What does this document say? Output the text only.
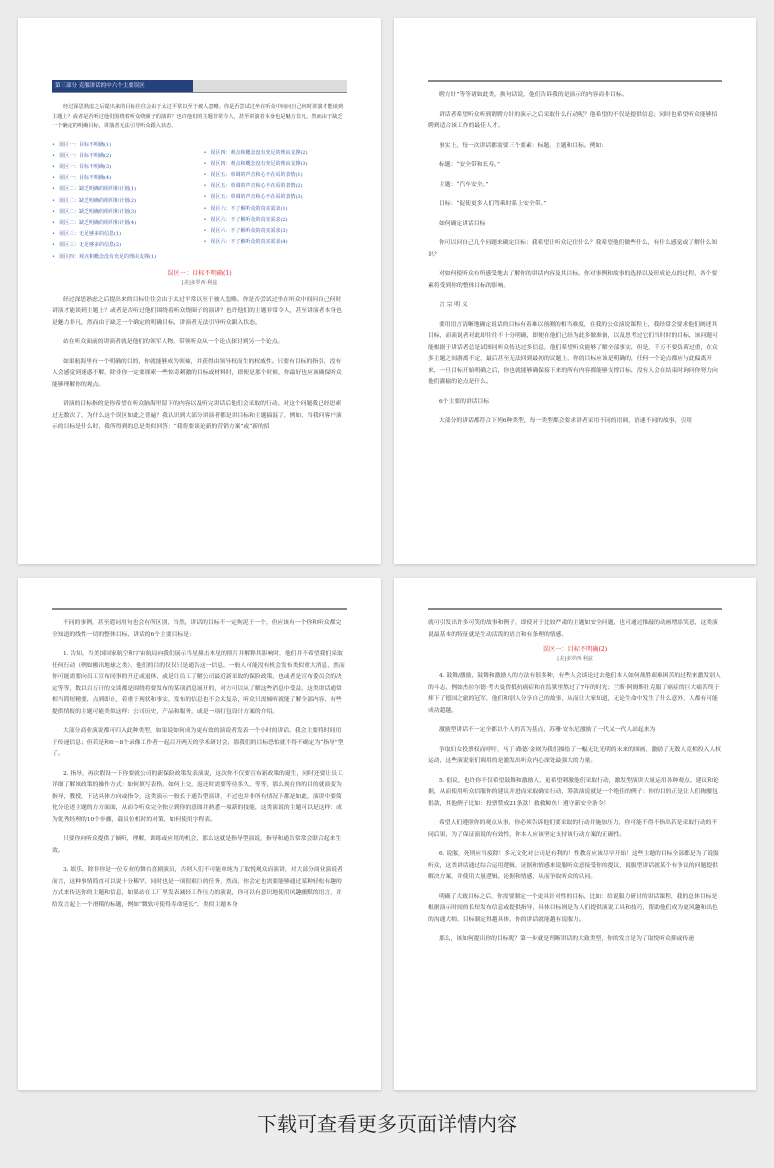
第三部分 克服讲话的中六个主要误区
经过深思熟虑之后提出来的目标往往会由于太过平常以至于被人忽略。你是否尝试过坐在听众中间问自己何时讲演才能谈到主题上？或者是否听过他们围绕着听众绕圈子的演讲？也许他们的主题非常令人，甚至讲演者本身也是魅力非凡，然而由于缺乏一个确定的明确目标，讲演者无法引导听众跟入状态。
• 误区一：目标不明确(1)
• 误区一：目标不明确(2)
• 误区一：目标不明确(3)
• 误区一：目标不明确(4)
• 误区二：缺乏明确的组织和计划(1)
• 误区二：缺乏明确的组织和计划(2)
• 误区二：缺乏明确的组织和计划(3)
• 误区二：缺乏明确的组织和计划(4)
• 误区三：无足够多的信息(1)
• 误区三：无足够多的信息(2)
• 误区四：观点和概念没有充足的理由支撑(1)
• 误区四：观点和概念没有充足的理由支撑(2)
• 误区四：观点和概念没有充足的理由支撑(3)
• 误区五：单调的声音和心不在焉的表情(1)
• 误区五：单调的声音和心不在焉的表情(2)
• 误区五：单调的声音和心不在焉的表情(3)
• 误区六：不了解听众的真实需求(1)
• 误区六：不了解听众的真实需求(2)
• 误区六：不了解听众的真实需求(3)
• 误区六：不了解听众的真实需求(4)
误区一：目标不明确(1)
[美]多罗西·利兹

经过深思熟虑之后提出来的目标往往会由于太过平常以至于被人忽略。你是否尝试过坐在听众中间问自己何时讲演才能谈到主题上？或者是否听过他们围绕着听众绕圈子的演讲？也许他们的主题非常令人，甚至讲演者本身也是魅力非凡，然而由于缺乏一个确定的明确目标，讲演者无法引导听众跟入状态。

站在听众面前的讲演者就是他们的领军人物，带领听众从一个论点探讨到另一个论点。

如果航海里有一个明确的目的，你就能够成为领袖，并获得由领导权而生的权威性。只要有目标的指引，没有人会感觉到迷惑不解，除非你一定要探索一些惊奇刺激的目标或材料时，即便是那个时候，你最好也应该确保听众能够理解你的观点。

讲演的目标指的是你希望在听众脑海里留下的内容以及听完讲话后他们会采取的行动。对这个问题我已经思索过无数次了，为什么这个误区如此之普遍？我认识到大部分讲演者都是讲目标和主题搞混了，例如，当我问客户演示的目标是什么时，我所得到的总是类似回答：“我将要谈论新的营销方案”或“新的招

聘方针”等等诸如此类，换句话说，他们告诉我的是演示的内容而非目标。

讲话者希望听众听到谓聘方针的演示之后采取什么行动呢？他希望的不仅是提供信息；同时也希望听众能够招聘到适合该工作的最佳人才。

事实上，每一次讲话都需要三个要素：标题、主题和目标。例如：

标题：“安全带和长寿。”

主题：“汽车安全。”

目标：“促使更多人们驾乘时系上安全带。”

如何确定讲话目标

你可以问自己几个问题来确定目标：我希望让听众记住什么？我希望他们做些什么，有什么感觉或了解什么知识？

对如何使听众有所感受地去了解你的讲话内容及其目标，你对事例和故事的选择以及形成论点的过程、各个要素将受到你的整体目标的影响。

言 宗 明 义

要用语言清晰地确定说话的目标有着难以预测的相当难度，在我的公众演说课程上，我经常会要求他们阐述其目标，而演说者对此却往往不十分明确，即便在他们已经为此多做准备，以及思考过它们当时时的目标，该问题可能根据于讲话者总是试图同听众传达过多信息，他们希望听众能够了解全部事实，但是，千万不要负荷过重，在众多主题之间游离不定，最后甚至无法回到最初的议题上，你的目标应该是明确的，任何一个论点都应与此偏离开来，一旦目标开始明确之后，你也就能够确保接下来的所有内容都能够支撑目标，没有人会在结束时询问你努力向他们灌输的论点是什么。

6个主要的讲话目标

大部分的讲话都符合下列6种类型，每一类型都会要求讲者采用不同的语调，语速不同的故事，引用

不同的事例，甚至遣词用句也会有所区别，当然，讲话的目标不一定拘泥于一个，但应该有一个你和听众都完全知道的线性一切的整体目标，讲话的6个主要目标是：

1. 告知，当美国国家航空和宇宙航局向我们展示当星撞击木星的照片并解释其影响时，他们并不希望我们采取任何行动（例如搬出地球之类），他们的目的仅仅只是通告这一信息，一般人可能没有机会发布类似重大消息，然而你可能需要向员工宣布同事的升迁或退休，或是让员工了解公司最近新采取的保险政策，也或者是宣布委员会的决定等等，数以百万计的交谈都是围绕将要发布的某项消息展开的，对方可以从了解这些消息中受益，这类讲话通常相当简短精要，点到即止，着重于现状和事实，发布的信息也不会太复杂，听众只需倾听就能了解全部内容，有些提供情报的主题可能类似这样：公司历史，产品和服务，或是一项打包设计方案的介绍。

大部分商业演说都可归入此种类型，如果说如何成为更有效的演说者发表一个小时的讲话，我会主要将时间用于传递信息；但若是和6～8个录像工作者一起召开两天的学术研讨会，那我们的目标恐怕就不得不确定为“指导”型了。

2. 指导，再次假设一下你要就公司的新保险政策发表演说，这次你不仅要宣布新政策的诞生，同时还要让员工详细了解该政策的操作方式：如何填写表格，如何上交，返还时需要等待多久，等等，那么现在你的目的就演变为指导，教授，下达具体方向或指令，这类演示一般长于通告型演讲，不过也并非所有情况下都是如此，演讲中要简化分论述主题的方方面面，从而令听众完全独立到你的意图并熟悉一项新的技能，这类演说的主题可以是这样：成为优秀经理的10个步骤，载员位机时的对策，如何使用字程表。

只要你向听众提供了倾听，理解，训练或应用的机会，那么这就是指导型演说，指导和通告常常会联合起来生效。

3. 娱乐，除非你是一位专业的舞台喜剧演员，否则人们不可能单纯为了取悦观众而演讲，对大部分商业演说者而言，这种事情简直可以说十分稀罕，同时也是一项很艰巨的任务，然而，你会定也需要能够通过某种轻松有趣的方式来传达你的主题和信息，如果站在工厂里发表减轻工作压力的演说，你可以有意识地使用风趣幽默的语言，并给发言起上一个滑稽的标题，例如“微软可使得寿命延长”，类似主题本身

就可引发出许多可笑的故事和例子，即使对于比较严肃的主题如安全问题，也可通过推敲的动画增添笑意，这类演说最基本的特征就是生动活泼的语言和有条理的情感。

误区一：目标不明确(2)
[美]多罗西·利兹

4. 鼓舞/激励，鼓舞和激励人的方法有很多种，有些人会谈论过去他们本人如何战胜艰难困苦的过程来激发别人的斗志，例如杰拉尔德·考夫曼曾抵抗癌症和在监狱里熬过了7年的时光；兰斯·阿姆斯壮克服了癌症的巨大痛苦终于摔下了德国之旅的冠军，他们和别人分享自己的故事，从而让大家知道，无论生命中发生了什么意外，人都有可能成功超越。

激励型讲话不一定全都以个人的苦为基点，苏珊·安东尼激励了一代又一代人站起来为

争取妇女投票权而呼吁，马丁·路德·金则为我们描绘了一幅无比光明的未来的图画，激励了无数人竞相投入人权运动，这些演说家们调用的是激发出听众内心深处最强大的力量。

5. 倡议，也许你不仅希望鼓舞和激励人，更希望刺激他们采取行动，激发型演讲大量运用各种观点、建议和论据，从而使用听众信服你的建议并进而采取确实行动，筹款演说就是一个绝佳的例子：你的目的正是让人们掏腰包捐款，其他例子比如：投票赞成21条款！救救鲸鱼！遵守新安全条令！

希望人们遵照你的观点从事，你必须告诉他们要采取的行动并施加压力，你可能不得不指出若是采取行动的不同后果，为了保证演说的有效性，你本人应该坚定支持该行动方案的正确性。

6. 说服，死刑应当废除！多元文化对公司是有利的！性教育应该尽早开始！这些主题的目标全部都是为了说服听众，这类讲话通过综合运用逻辑，证据和情感来说服听众意接受你的提议，说服型讲话就某个有争议的问题提供解决方案，并使用大量逻辑、论据和情感，从而争取听众的认同。

明确了大致目标之后，你需要制定一个更具针对性的目标，比如：给说服力研讨的讲话课程，我的总体目标是根据演示时间的长短发布信息或提供指导，具体目标则是为人们提供演说工具和技巧，帮助他们成为更风趣和出色的沟通大师，目标制定得越具体，你的讲话就能越有说服力。

那么，该如何提出你的目标呢？第一步就是判断讲话的大致类型，你的发言是为了取悦听众抑或传递

下载可查看更多页面详情内容
